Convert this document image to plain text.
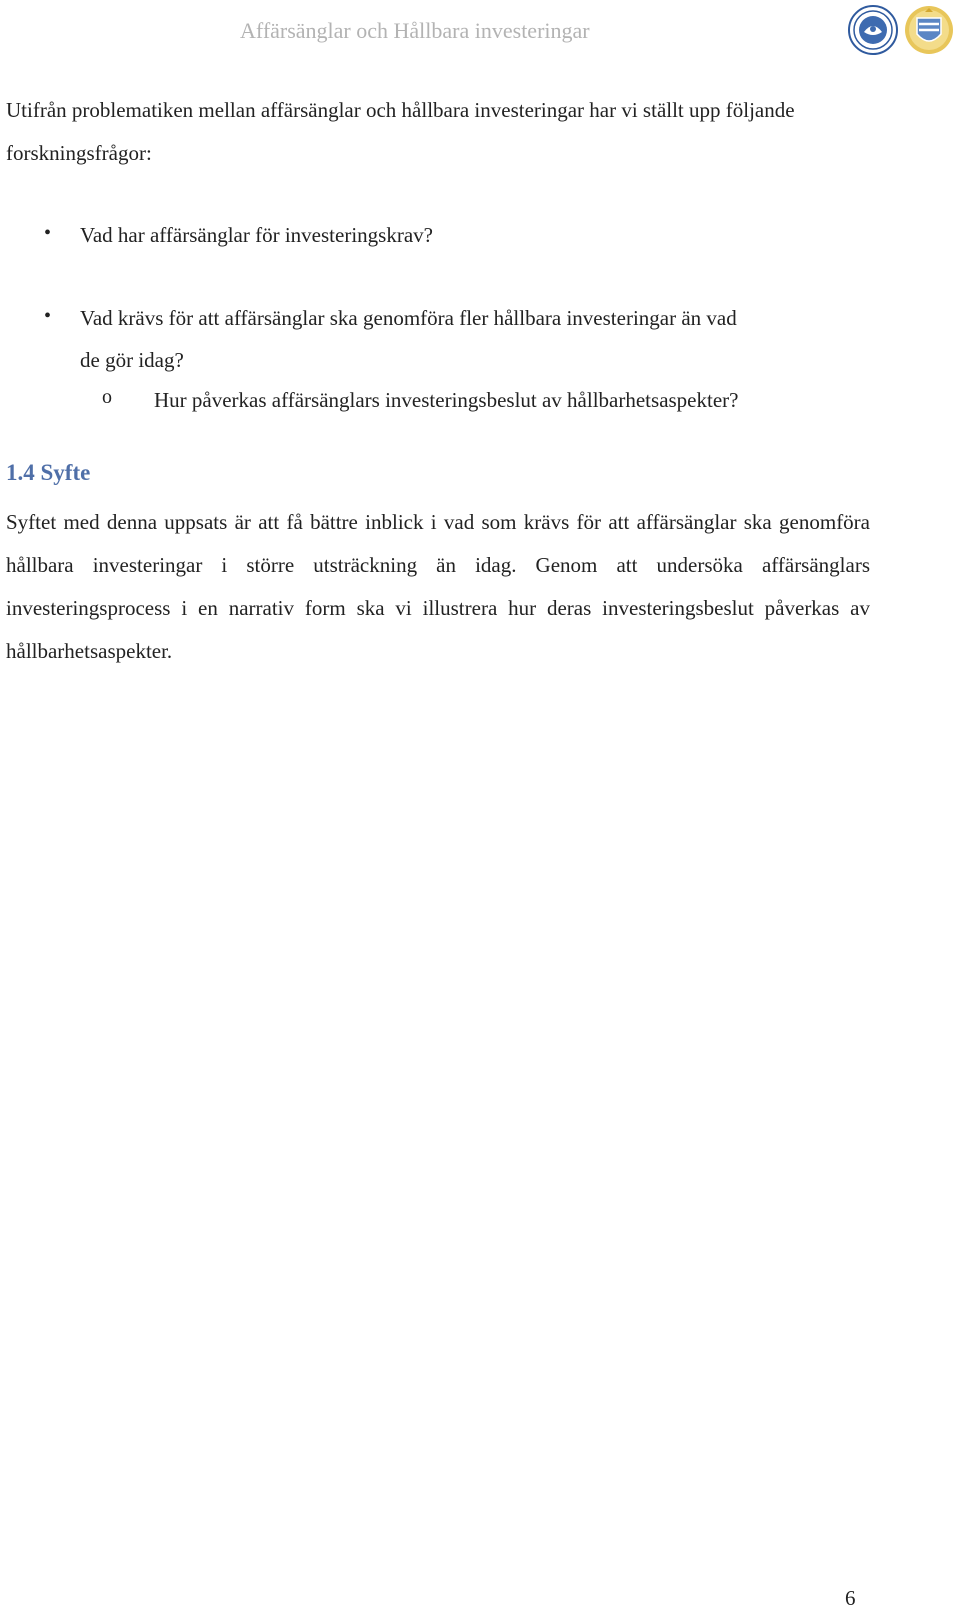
Affärsänglar och Hållbara investeringar
Utifrån problematiken mellan affärsänglar och hållbara investeringar har vi ställt upp följande forskningsfrågor:
• Vad har affärsänglar för investeringskrav?
• Vad krävs för att affärsänglar ska genomföra fler hållbara investeringar än vad
de gör idag?
o Hur påverkas affärsänglars investeringsbeslut av hållbarhetsaspekter?
1.4 Syfte
Syftet med denna uppsats är att få bättre inblick i vad som krävs för att affärsänglar ska genomföra hållbara investeringar i större utsträckning än idag. Genom att undersöka affärsänglars investeringsprocess i en narrativ form ska vi illustrera hur deras investeringsbeslut påverkas av hållbarhetsaspekter.
6
